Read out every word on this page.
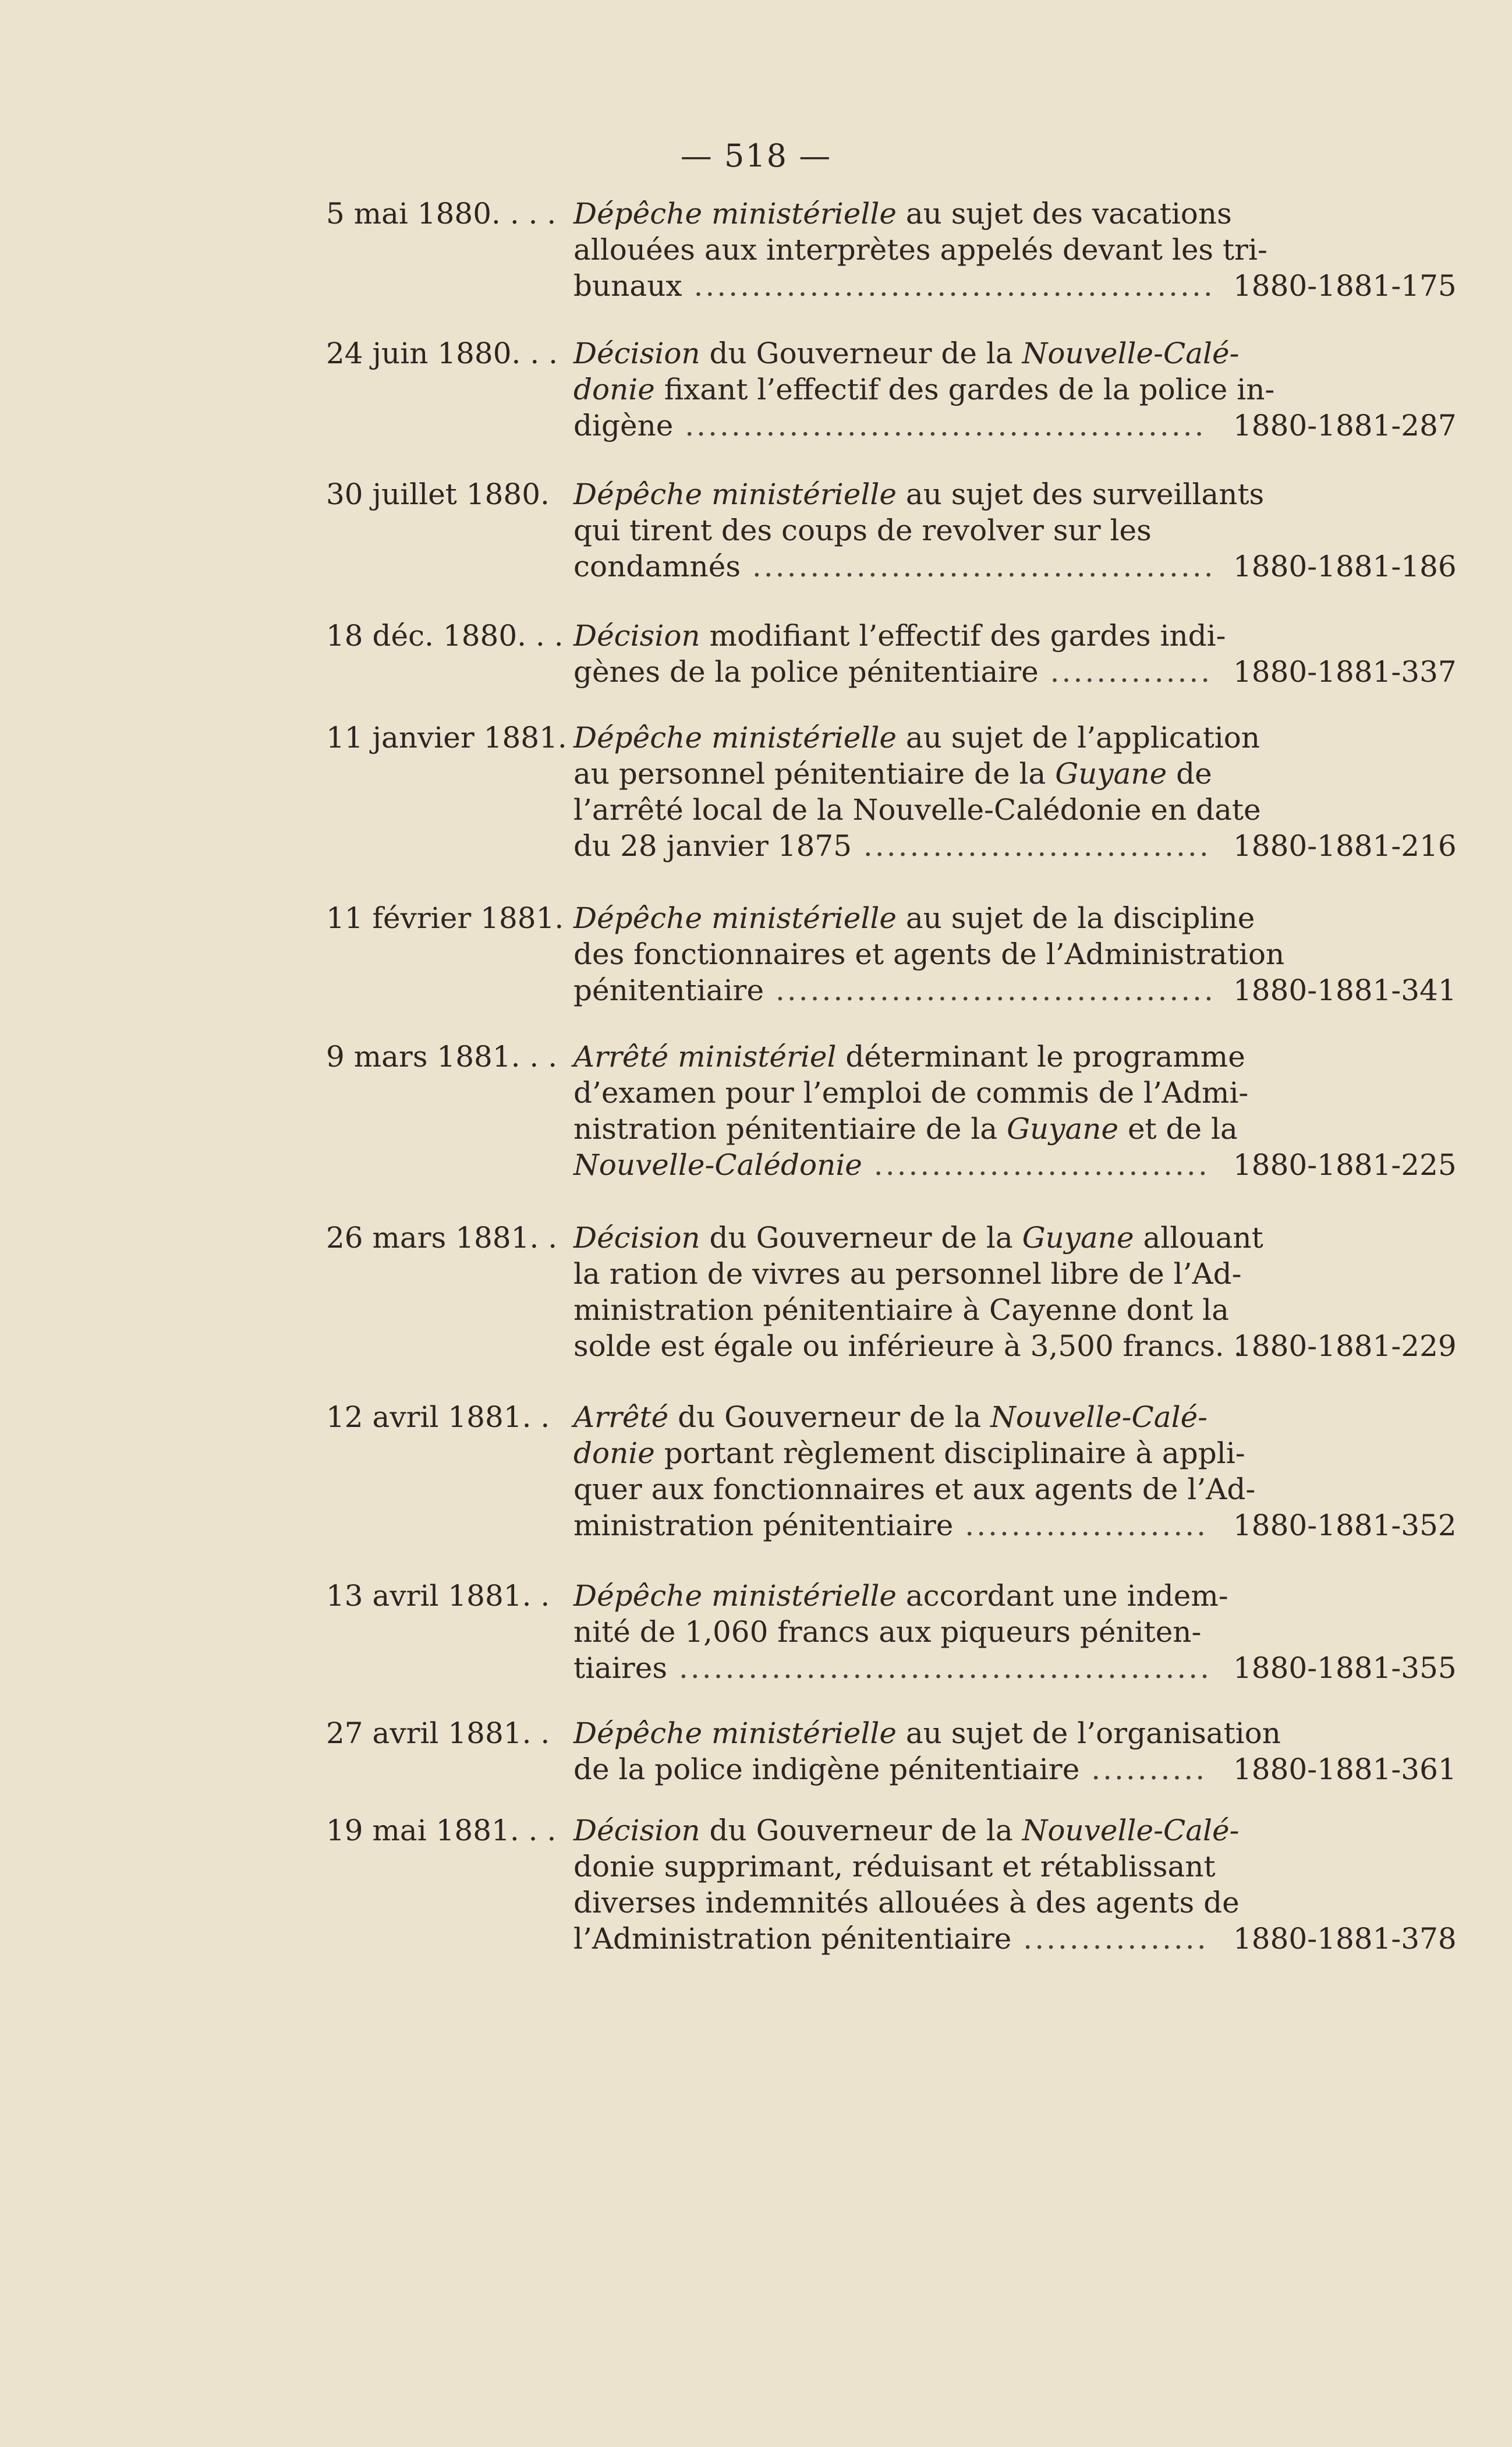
— 518 —
5 mai 1880. . . . Dépêche ministérielle au sujet des vacations
allouées aux interprètes appelés devant les tri-
bunaux ............................................. 1880-1881-175
24 juin 1880. . . Décision du Gouverneur de la Nouvelle-Calé-
donie fixant l’effectif des gardes de la police in-
digène ............................................. 1880-1881-287
30 juillet 1880. Dépêche ministérielle au sujet des surveillants
qui tirent des coups de revolver sur les
condamnés ........................................ 1880-1881-186
18 déc. 1880. . . Décision modifiant l’effectif des gardes indi-
gènes de la police pénitentiaire .............. 1880-1881-337
11 janvier 1881. Dépêche ministérielle au sujet de l’application
au personnel pénitentiaire de la Guyane de
l’arrêté local de la Nouvelle-Calédonie en date
du 28 janvier 1875 .............................. 1880-1881-216
11 février 1881. Dépêche ministérielle au sujet de la discipline
des fonctionnaires et agents de l’Administration
pénitentiaire ...................................... 1880-1881-341
9 mars 1881. . . Arrêté ministériel déterminant le programme
d’examen pour l’emploi de commis de l’Admi-
nistration pénitentiaire de la Guyane et de la
Nouvelle-Calédonie ............................. 1880-1881-225
26 mars 1881. . Décision du Gouverneur de la Guyane allouant
la ration de vivres au personnel libre de l’Ad-
ministration pénitentiaire à Cayenne dont la
solde est égale ou inférieure à 3,500 francs. .
1880-1881-229
12 avril 1881. . Arrêté du Gouverneur de la Nouvelle-Calé-
donie portant règlement disciplinaire à appli-
quer aux fonctionnaires et aux agents de l’Ad-
ministration pénitentiaire ..................... 1880-1881-352
13 avril 1881. . Dépêche ministérielle accordant une indem-
nité de 1,060 francs aux piqueurs péniten-
tiaires .............................................. 1880-1881-355
27 avril 1881. . Dépêche ministérielle au sujet de l’organisation
de la police indigène pénitentiaire .......... 1880-1881-361
19 mai 1881. . . Décision du Gouverneur de la Nouvelle-Calé-
donie supprimant, réduisant et rétablissant
diverses indemnités allouées à des agents de
l’Administration pénitentiaire ................ 1880-1881-378
